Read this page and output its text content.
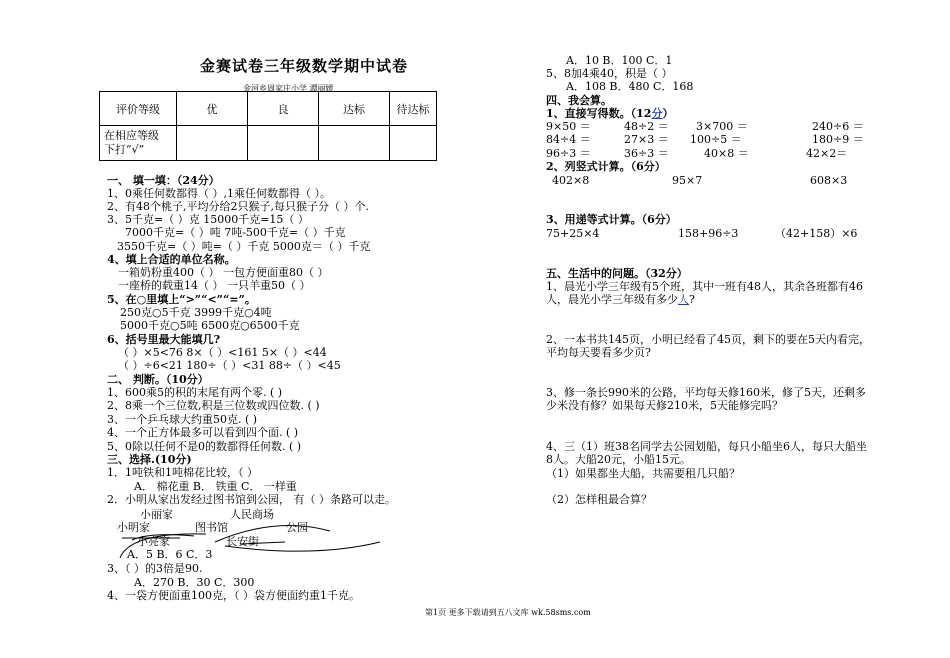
金赛试卷三年级数学期中试卷
金河乡周家庄小学 谭丽媛
评价等级	优	良	达标	待达标
在相应等级
下打“√”				
一、 填一填：（24分）
1、0乘任何数都得（ ）,1乘任何数都得（ ）。
2、有48个桃子,平均分给2只猴子,每只猴子分（ ）个.
3、5千克=（ ）克 15000千克=15（ ）
7000千克=（ ）吨 7吨-500千克=（ ）千克
3550千克=（ ）吨=（ ）千克 5000克＝（ ）千克
4、填上合适的单位名称。
一箱奶粉重400（ ） 一包方便面重80（ ）
一座桥的载重14（ ） 一只羊重50（ ）
5、在○里填上“>”“<”“=”。
250克○5千克 3999千克○4吨
5000千克○5吨 6500克○6500千克
6、括号里最大能填几?
（ ）×5<76 8×（ ）<161 5×（ ）<44
（ ）÷6<21 180÷（ ）<31 88÷（ ）<45
二、 判断。（10分）
1、600乘5的积的末尾有两个零. ( )
2、8乘一个三位数,积是三位数或四位数. ( )
3、一个乒乓球大约重50克. ( )
4、一个正方体最多可以看到四个面. ( )
5、0除以任何不是0的数都得任何数. ( )
三、选择.(10分)
1．1吨铁和1吨棉花比较，（ ）
A． 棉花重 B． 铁重 C． 一样重
2．小明从家出发经过图书馆到公园， 有（ ）条路可以走。
小丽家	人民商场
小明家	图书馆	公园
小亮家	长安街
A．5 B．6 C．3
3、（ ）的3倍是90.
A．270 B．30 C．300
4、一袋方便面重100克，（ ）袋方便面约重1千克。
A．10 B．100 C．1
5、8加4乘40，积是（ ）
A．108 B．480 C．168
四、我会算。
1、直接写得数。（12分）
9×50 ＝	48÷2 ＝ 3×700 ＝	240÷6 ＝
84÷4 ＝	27×3 ＝ 100÷5 ＝	180÷9 ＝
96÷3 ＝	36÷3 ＝	40×8 ＝	42×2＝
2、列竖式计算。（6分）
402×8	95×7	608×3
3、用递等式计算。（6分）
75+25×4	158+96÷3	（42+158）×6
五、生活中的问题。（32分）
1、晨光小学三年级有5个班，其中一班有48人，其余各班都有46
人，晨光小学三年级有多少人?
2、一本书共145页，小明已经看了45页，剩下的要在5天内看完，
平均每天要看多少页?
3、修一条长990米的公路，平均每天修160米，修了5天，还剩多
少米没有修？如果每天修210米，5天能修完吗？
4、三（1）班38名同学去公园划船，每只小船坐6人，每只大船坐
8人。大船20元，小船15元。
（1）如果都坐大船，共需要租几只船？
（2）怎样租最合算？
第1页 更多下载请到五八文库 wk.58sms.com
